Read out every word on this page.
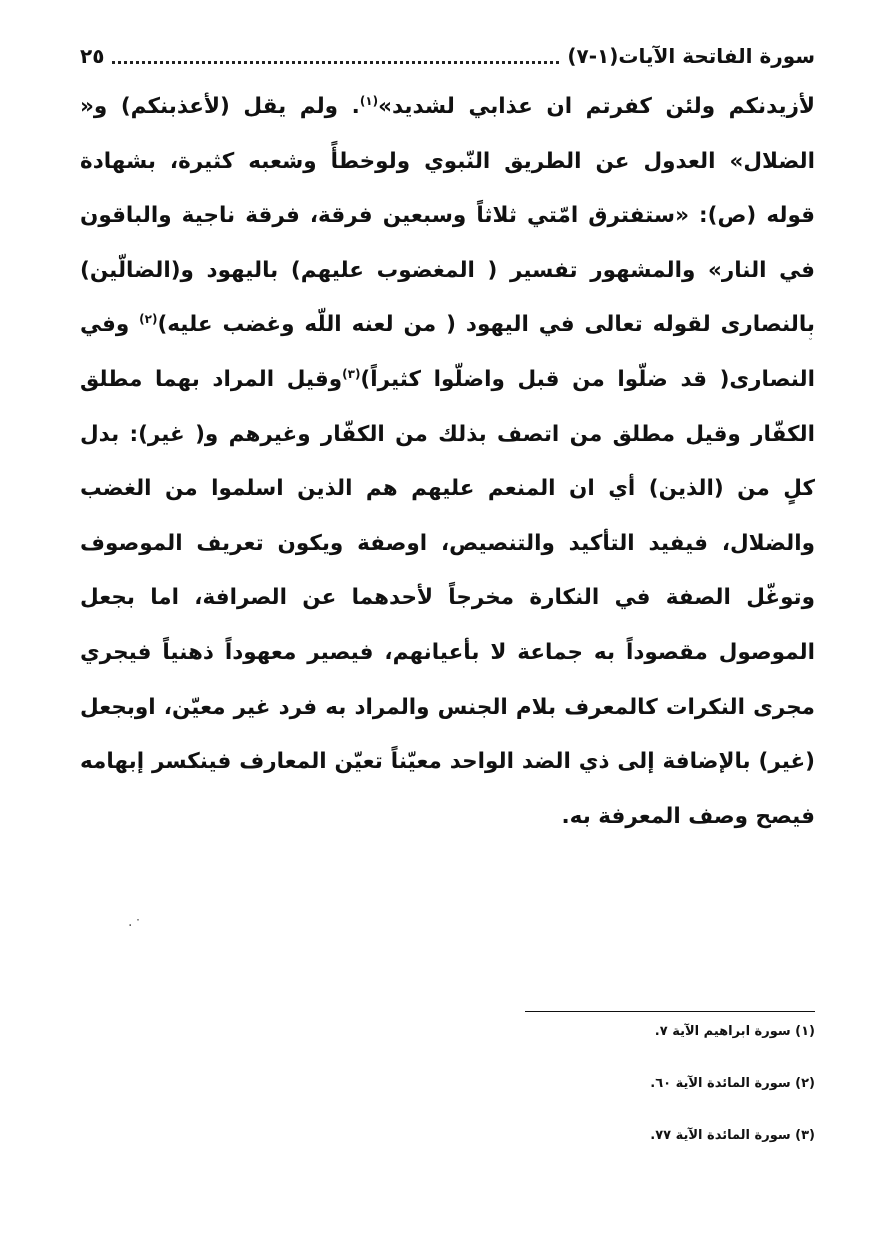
سورة الفاتحة الآيات(١-٧)
٢٥

لأزيدنكم ولئن كفرتم ان عذابي لشديد»$^{(١)}$. ولم يقل (لأعذبنكم) و« الضلال» العدول عن الطريق النّبوي ولوخطأً وشعبه كثيرة، بشهادة قوله (ص): «ستفترق امّتي ثلاثاً وسبعين فرقة، فرقة ناجية والباقون في النار» والمشهور تفسير ( المغضوب عليهم) باليهود و(الضالّين) بالنصارى لقوله تعالى في اليهود ( من لعنه اللّه وغضب عليه)$^{(٢)}$ وفي النصارى( قد ضلّوا من قبل واضلّوا كثيراً)$^{(٣)}$وقيل المراد بهما مطلق الكفّار وقيل مطلق من اتصف بذلك من الكفّار وغيرهم و( غير): بدل كلٍ من (الذين) أي ان المنعم عليهم هم الذين اسلموا من الغضب والضلال، فيفيد التأكيد والتنصيص، اوصفة ويكون تعريف الموصوف وتوغّل الصفة في النكارة مخرجاً لأحدهما عن الصرافة، اما بجعل الموصول مقصوداً به جماعة لا بأعيانهم، فيصير معهوداً ذهنياً فيجري مجرى النكرات كالمعرف بلام الجنس والمراد به فرد غير معيّن، اوبجعل (غير) بالإضافة إلى ذي الضد الواحد معيّناً تعيّن المعارف فينكسر إبهامه فيصح وصف المعرفة به.

·˙
˘
(١) سورة ابراهيم الآية ٧.
(٢) سورة المائدة الآية ٦٠.
(٣) سورة المائدة الآية ٧٧.
